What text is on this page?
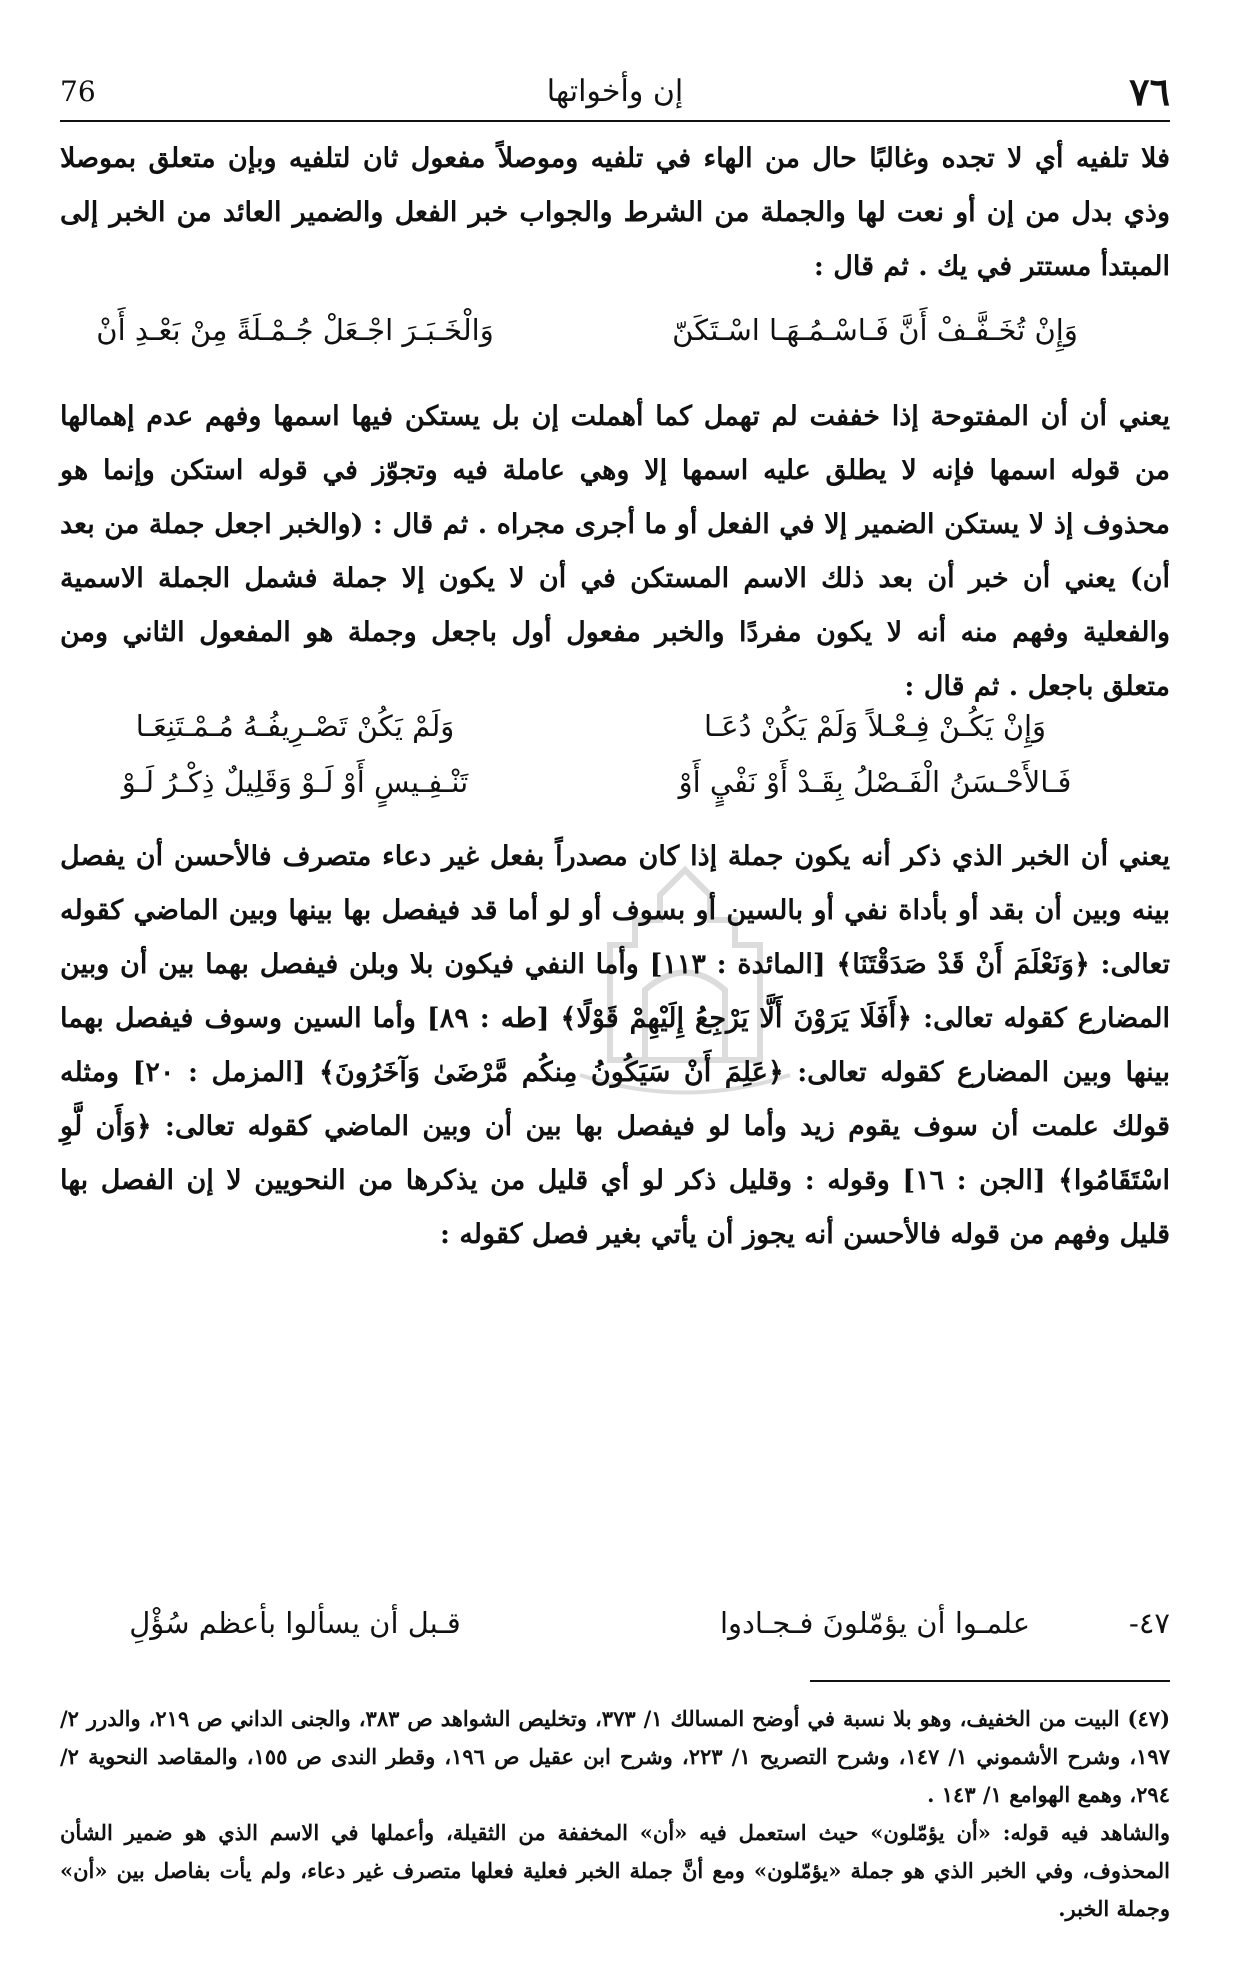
٧٦
إن وأخواتها
76

فلا تلفيه أي لا تجده وغالبًا حال من الهاء في تلفيه وموصلاً مفعول ثان لتلفيه وبإن متعلق بموصلا وذي بدل من إن أو نعت لها والجملة من الشرط والجواب خبر الفعل والضمير العائد من الخبر إلى المبتدأ مستتر في يك . ثم قال :

وَإِنْ تُخَـفَّـفْ أَنَّ فَـاسْـمُـهَـا اسْـتَكَنّ
وَالْخَـبَـرَ اجْـعَلْ جُـمْـلَةً مِنْ بَعْـدِ أَنْ

يعني أن أن المفتوحة إذا خففت لم تهمل كما أهملت إن بل يستكن فيها اسمها وفهم عدم إهمالها من قوله اسمها فإنه لا يطلق عليه اسمها إلا وهي عاملة فيه وتجوّز في قوله استكن وإنما هو محذوف إذ لا يستكن الضمير إلا في الفعل أو ما أجرى مجراه . ثم قال : (والخبر اجعل جملة من بعد أن) يعني أن خبر أن بعد ذلك الاسم المستكن في أن لا يكون إلا جملة فشمل الجملة الاسمية والفعلية وفهم منه أنه لا يكون مفردًا والخبر مفعول أول باجعل وجملة هو المفعول الثاني ومن متعلق باجعل . ثم قال :

وَإِنْ يَكُـنْ فِـعْـلاً وَلَمْ يَكُنْ دُعَـا
وَلَمْ يَكُنْ تَصْـرِيفُـهُ مُـمْـتَنِعَـا
فَـالأَحْـسَنُ الْفَـصْلُ بِقَـدْ أَوْ نَفْيٍ أَوْ
تَنْـفِـيسٍ أَوْ لَـوْ وَقَلِيلٌ ذِكْـرُ لَـوْ

يعني أن الخبر الذي ذكر أنه يكون جملة إذا كان مصدراً بفعل غير دعاء متصرف فالأحسن أن يفصل بينه وبين أن بقد أو بأداة نفي أو بالسين أو بسوف أو لو أما قد فيفصل بها بينها وبين الماضي كقوله تعالى: ﴿وَنَعْلَمَ أَنْ قَدْ صَدَقْتَنَا﴾ [المائدة : ١١٣] وأما النفي فيكون بلا وبلن فيفصل بهما بين أن وبين المضارع كقوله تعالى: ﴿أَفَلَا يَرَوْنَ أَلَّا يَرْجِعُ إِلَيْهِمْ قَوْلًا﴾ [طه : ٨٩] وأما السين وسوف فيفصل بهما بينها وبين المضارع كقوله تعالى: ﴿عَلِمَ أَنْ سَيَكُونُ مِنكُم مَّرْضَىٰ وَآخَرُونَ﴾ [المزمل : ٢٠] ومثله قولك علمت أن سوف يقوم زيد وأما لو فيفصل بها بين أن وبين الماضي كقوله تعالى: ﴿وَأَن لَّوِ اسْتَقَامُوا﴾ [الجن : ١٦] وقوله : وقليل ذكر لو أي قليل من يذكرها من النحويين لا إن الفصل بها قليل وفهم من قوله فالأحسن أنه يجوز أن يأتي بغير فصل كقوله :

٤٧-
علمـوا أن يؤمّلونَ فـجـادوا
قـبل أن يسألوا بأعظم سُؤْلِ

(٤٧) البيت من الخفيف، وهو بلا نسبة في أوضح المسالك ١/ ٣٧٣، وتخليص الشواهد ص ٣٨٣، والجنى الداني ص ٢١٩، والدرر ٢/ ١٩٧، وشرح الأشموني ١/ ١٤٧، وشرح التصريح ١/ ٢٢٣، وشرح ابن عقيل ص ١٩٦، وقطر الندى ص ١٥٥، والمقاصد النحوية ٢/ ٢٩٤، وهمع الهوامع ١/ ١٤٣ .

والشاهد فيه قوله: «أن يؤمّلون» حيث استعمل فيه «أن» المخففة من الثقيلة، وأعملها في الاسم الذي هو ضمير الشأن المحذوف، وفي الخبر الذي هو جملة «يؤمّلون» ومع أنَّ جملة الخبر فعلية فعلها متصرف غير دعاء، ولم يأت بفاصل بين «أن» وجملة الخبر.
